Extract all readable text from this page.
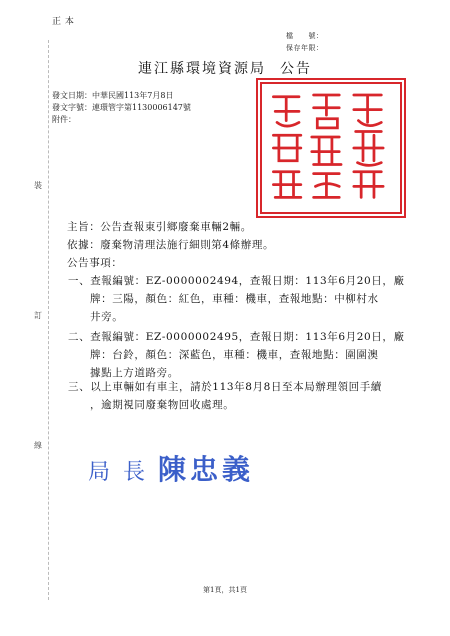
正 本
檔　　號：
保存年限：
裝
訂
線
連江縣環境資源局 公告
發文日期：中華民國113年7月8日
發文字號：連環管字第1130006147號
附件：
主旨：公告查報東引鄉廢棄車輛2輛。
依據：廢棄物清理法施行細則第4條辦理。
公告事項：
一、查報編號：EZ-0000002494，查報日期：113年6月20日，廠
牌：三陽，顏色：紅色，車種：機車，查報地點：中柳村水
井旁。
二、查報編號：EZ-0000002495，查報日期：113年6月20日，廠
牌：台鈴，顏色：深藍色，車種：機車，查報地點：圍圍澳
據點上方道路旁。
三、以上車輛如有車主，請於113年8月8日至本局辦理領回手續
，逾期視同廢棄物回收處理。
局 長 陳忠義
第1頁，共1頁
